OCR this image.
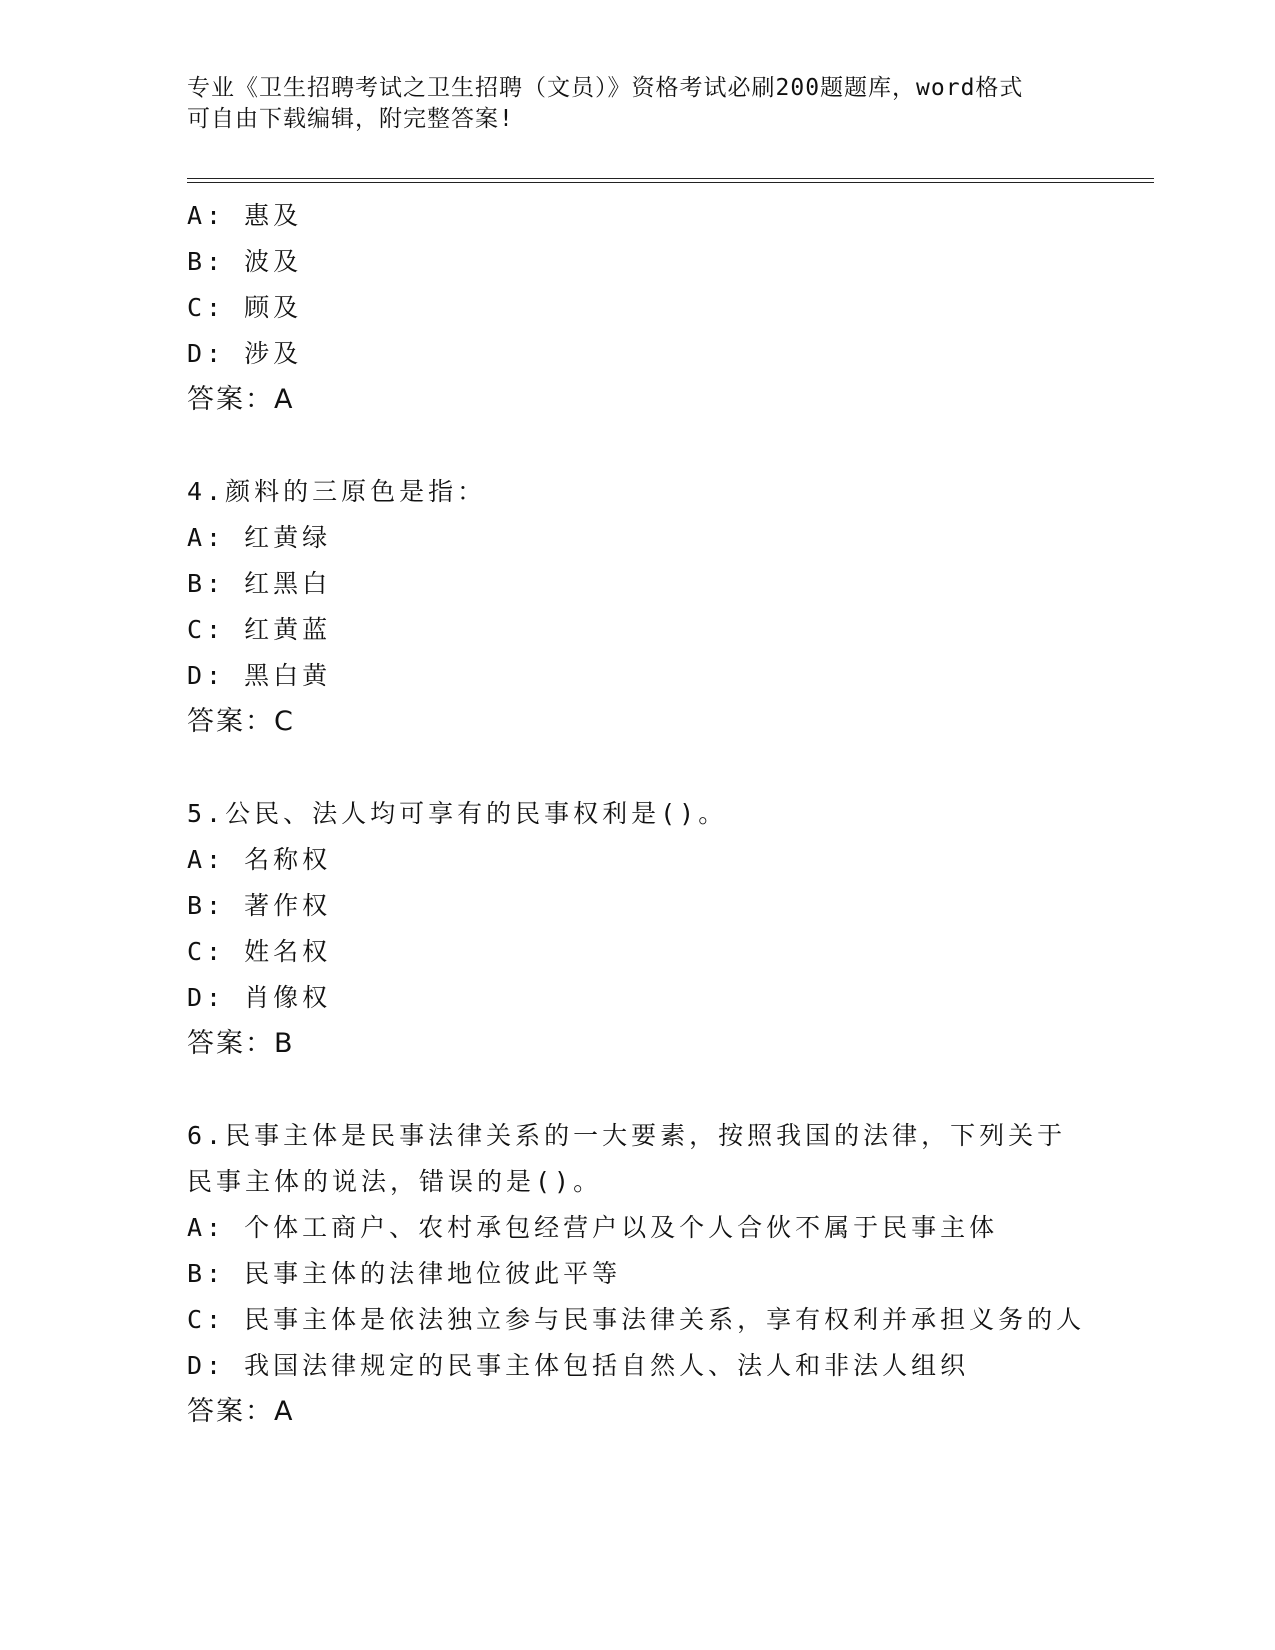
专业《卫生招聘考试之卫生招聘（文员）》资格考试必刷200题题库，word格式
可自由下载编辑，附完整答案!
A: 惠及
B: 波及
C: 顾及
D: 涉及
答案：A
4.颜料的三原色是指：
A: 红黄绿
B: 红黑白
C: 红黄蓝
D: 黑白黄
答案：C
5.公民、法人均可享有的民事权利是()。
A: 名称权
B: 著作权
C: 姓名权
D: 肖像权
答案：B
6.民事主体是民事法律关系的一大要素，按照我国的法律，下列关于
民事主体的说法，错误的是()。
A: 个体工商户、农村承包经营户以及个人合伙不属于民事主体
B: 民事主体的法律地位彼此平等
C: 民事主体是依法独立参与民事法律关系，享有权利并承担义务的人
D: 我国法律规定的民事主体包括自然人、法人和非法人组织
答案：A
